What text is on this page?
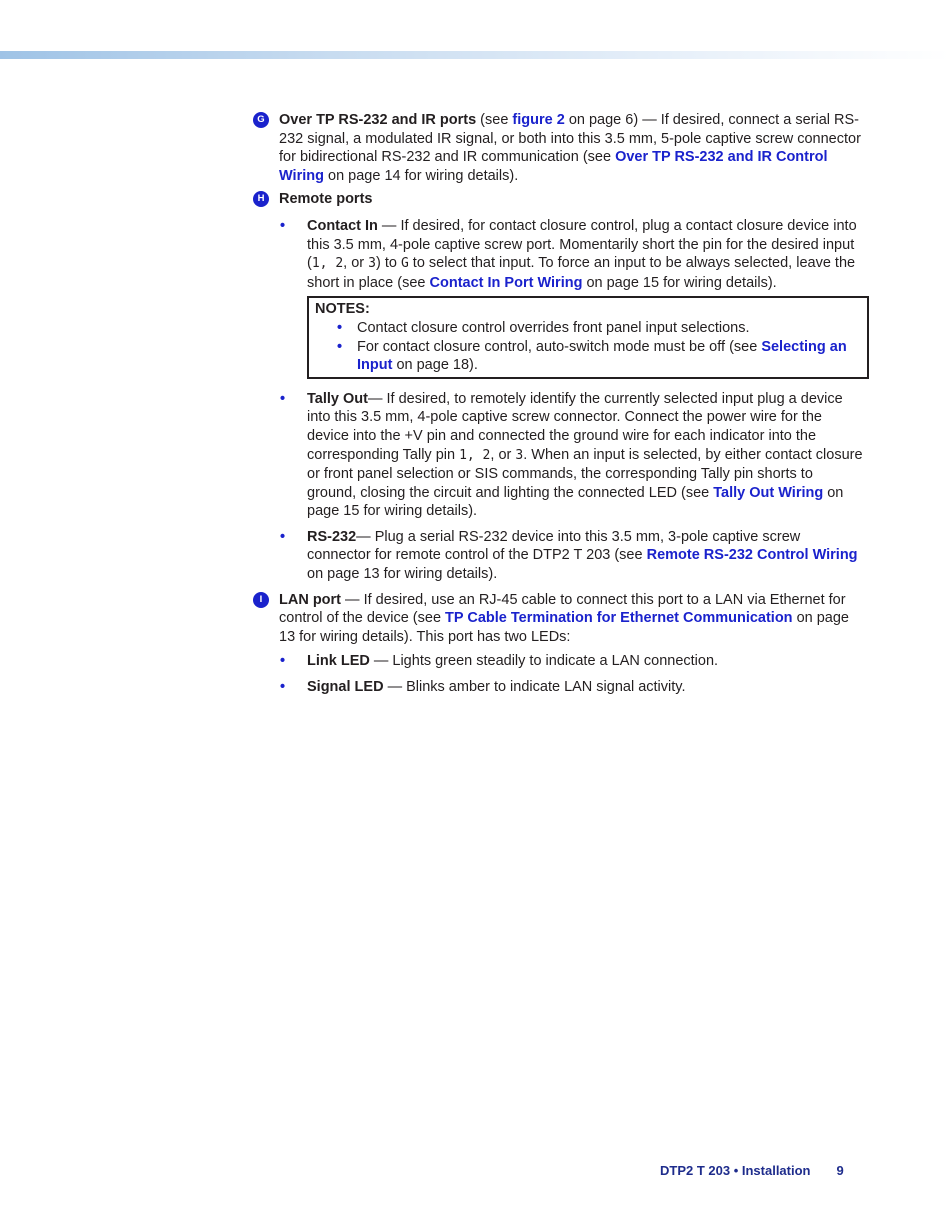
G Over TP RS-232 and IR ports (see figure 2 on page 6) — If desired, connect a serial RS-232 signal, a modulated IR signal, or both into this 3.5 mm, 5-pole captive screw connector for bidirectional RS-232 and IR communication (see Over TP RS-232 and IR Control Wiring on page 14 for wiring details).
H	Remote ports
• Contact In — If desired, for contact closure control, plug a contact closure device into this 3.5 mm, 4-pole captive screw port. Momentarily short the pin for the desired input (1, 2, or 3) to G to select that input. To force an input to be always selected, leave the short in place (see Contact In Port Wiring on page 15 for wiring details).
NOTES:
• Contact closure control overrides front panel input selections.
• For contact closure control, auto-switch mode must be off (see Selecting an Input on page 18).
• Tally Out— If desired, to remotely identify the currently selected input plug a device into this 3.5 mm, 4-pole captive screw connector. Connect the power wire for the device into the +V pin and connected the ground wire for each indicator into the corresponding Tally pin 1, 2, or 3. When an input is selected, by either contact closure or front panel selection or SIS commands, the corresponding Tally pin shorts to ground, closing the circuit and lighting the connected LED (see Tally Out Wiring on page 15 for wiring details).
• RS-232— Plug a serial RS-232 device into this 3.5 mm, 3-pole captive screw connector for remote control of the DTP2 T 203 (see Remote RS-232 Control Wiring on page 13 for wiring details).
I	LAN port — If desired, use an RJ-45 cable to connect this port to a LAN via Ethernet for control of the device (see TP Cable Termination for Ethernet Communication on page 13 for wiring details). This port has two LEDs:
• Link LED — Lights green steadily to indicate a LAN connection.
• Signal LED — Blinks amber to indicate LAN signal activity.
DTP2 T 203 • Installation 9
